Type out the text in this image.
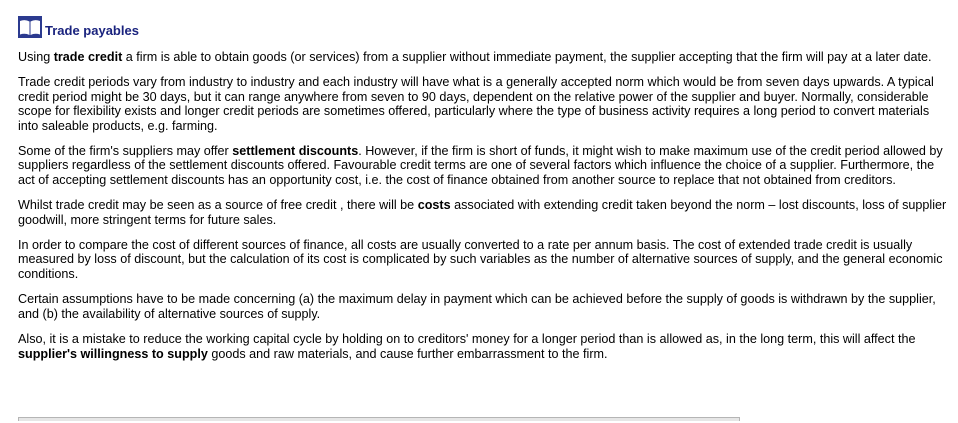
Trade payables

Using trade credit a firm is able to obtain goods (or services) from a supplier without immediate payment, the supplier accepting that the firm will pay at a later date.

Trade credit periods vary from industry to industry and each industry will have what is a generally accepted norm which would be from seven days upwards. A typical credit period might be 30 days, but it can range anywhere from seven to 90 days, dependent on the relative power of the supplier and buyer. Normally, considerable scope for flexibility exists and longer credit periods are sometimes offered, particularly where the type of business activity requires a long period to convert materials into saleable products, e.g. farming.

Some of the firm's suppliers may offer settlement discounts. However, if the firm is short of funds, it might wish to make maximum use of the credit period allowed by suppliers regardless of the settlement discounts offered. Favourable credit terms are one of several factors which influence the choice of a supplier. Furthermore, the act of accepting settlement discounts has an opportunity cost, i.e. the cost of finance obtained from another source to replace that not obtained from creditors.

Whilst trade credit may be seen as a source of free credit , there will be costs associated with extending credit taken beyond the norm – lost discounts, loss of supplier goodwill, more stringent terms for future sales.

In order to compare the cost of different sources of finance, all costs are usually converted to a rate per annum basis. The cost of extended trade credit is usually measured by loss of discount, but the calculation of its cost is complicated by such variables as the number of alternative sources of supply, and the general economic conditions.

Certain assumptions have to be made concerning (a) the maximum delay in payment which can be achieved before the supply of goods is withdrawn by the supplier, and (b) the availability of alternative sources of supply.

Also, it is a mistake to reduce the working capital cycle by holding on to creditors' money for a longer period than is allowed as, in the long term, this will affect the supplier's willingness to supply goods and raw materials, and cause further embarrassment to the firm.
